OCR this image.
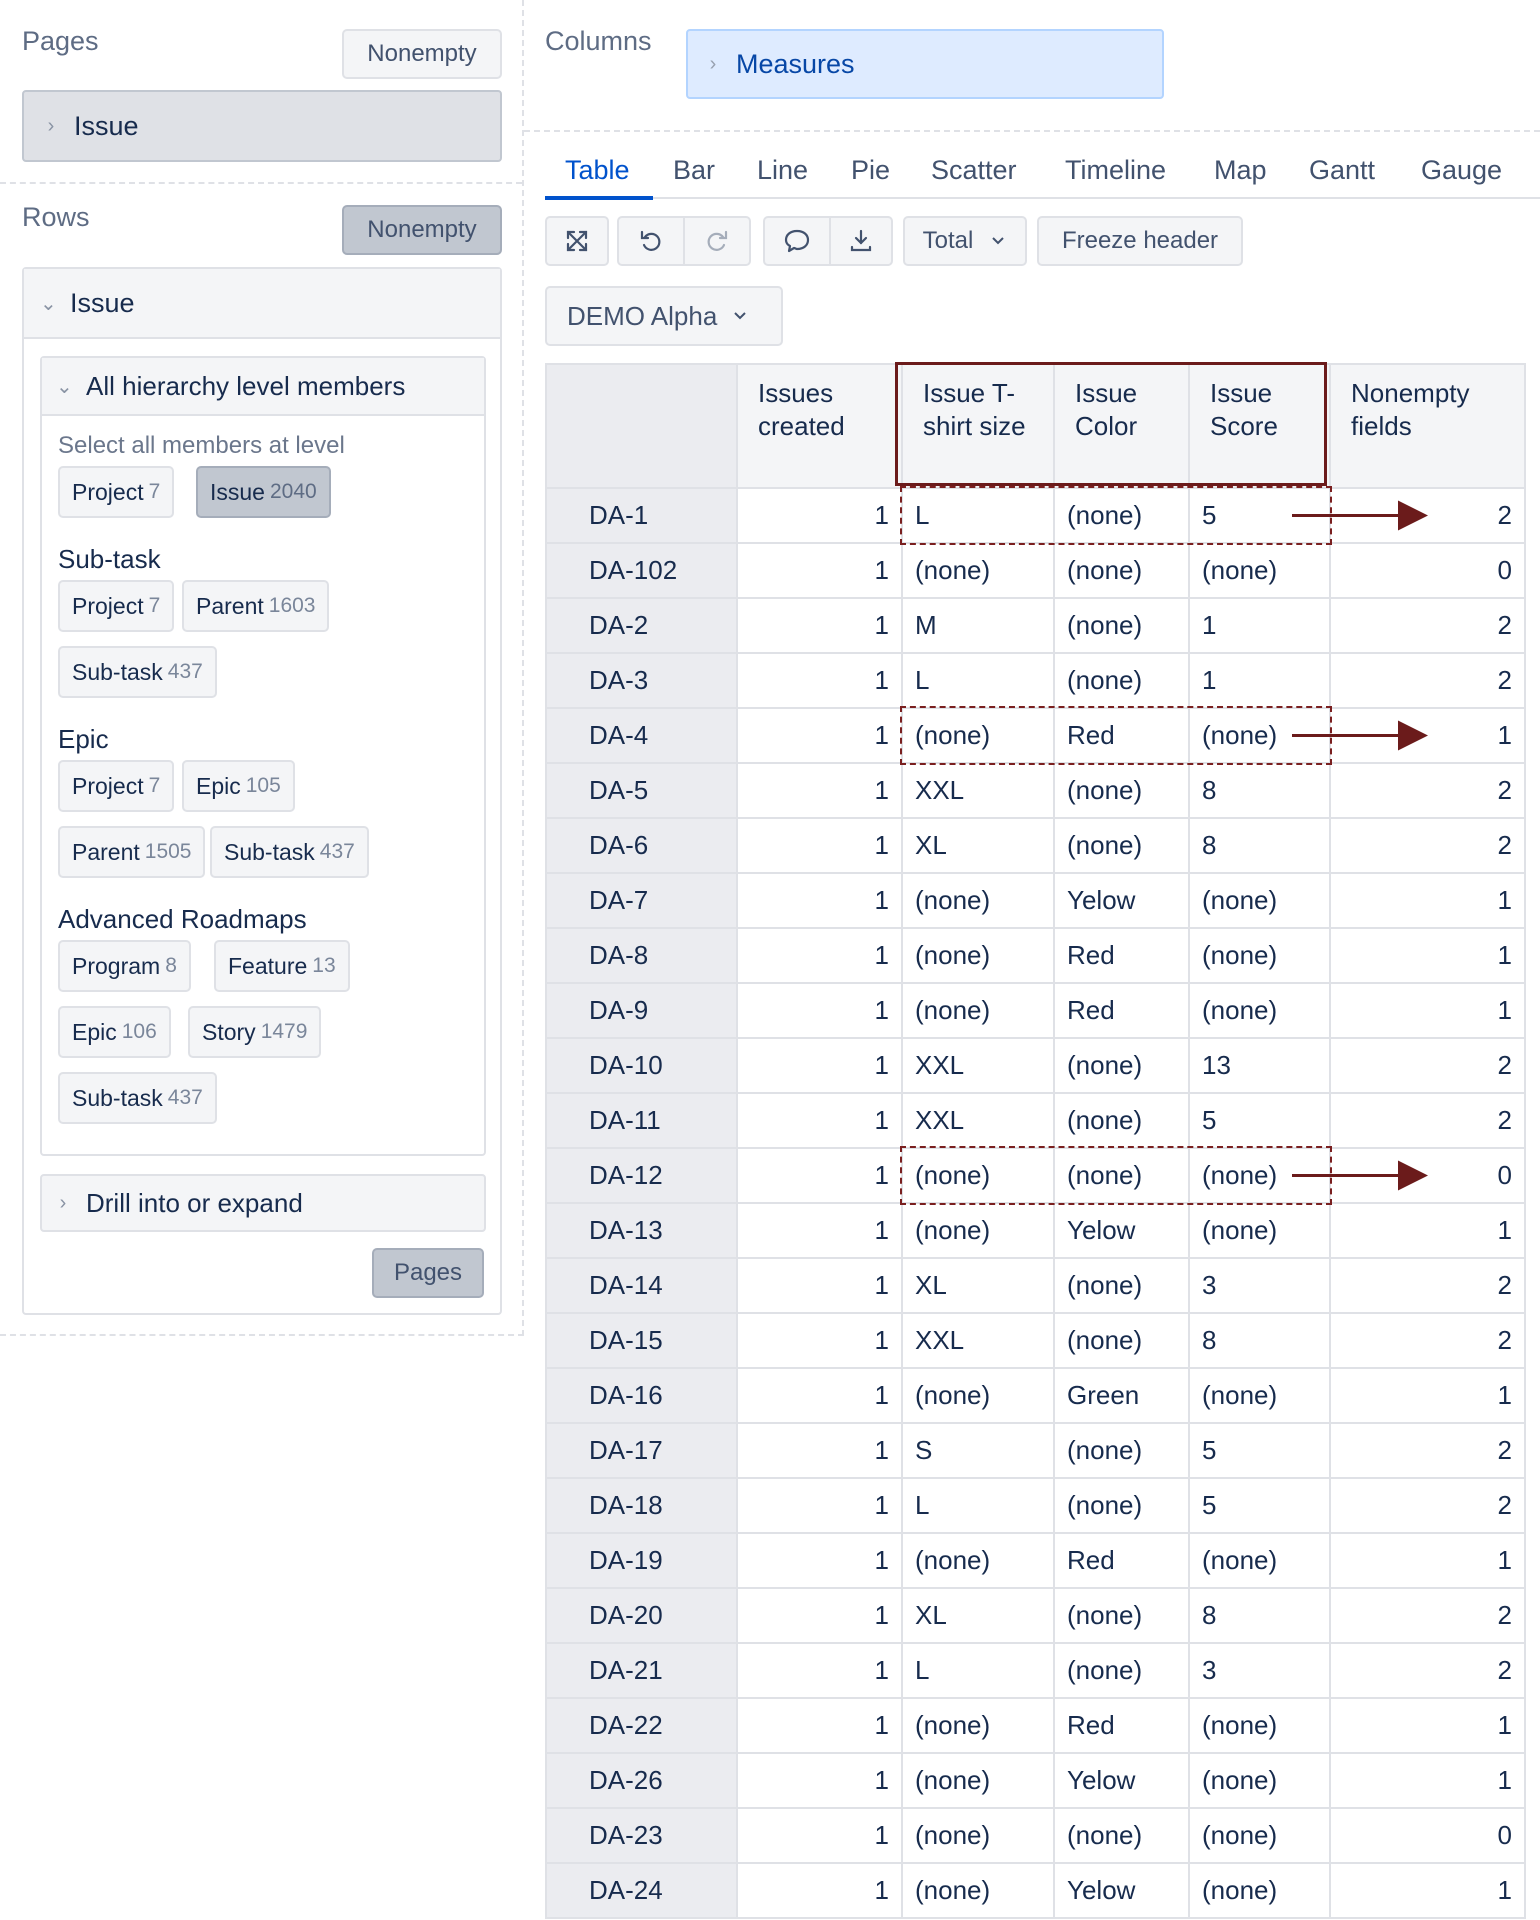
Pages	Nonempty
› Issue
Rows	Nonempty
⌄ Issue
⌄ All hierarchy level members
Select all members at level
Sub-task
Epic
Advanced Roadmaps
Project 7 Issue 2040
Project 7 Parent 1603
Sub-task 437
Project 7 Epic 105
Parent 1505 Sub-task 437
Program 8 Feature 13
Epic 106 Story 1479
Sub-task 437
› Drill into or expand
Pages
Columns
› Measures
Table Bar Line Pie Scatter Timeline Map Gantt Gauge
Total	Freeze header
DEMO Alpha
	Issues created	Issue T-shirt size	Issue Color	Issue Score	Nonempty fields
DA-1	1	L	(none)	5	2
DA-102	1	(none)	(none)	(none)	0
DA-2	1	M	(none)	1	2
DA-3	1	L	(none)	1	2
DA-4	1	(none)	Red	(none)	1
DA-5	1	XXL	(none)	8	2
DA-6	1	XL	(none)	8	2
DA-7	1	(none)	Yelow	(none)	1
DA-8	1	(none)	Red	(none)	1
DA-9	1	(none)	Red	(none)	1
DA-10	1	XXL	(none)	13	2
DA-11	1	XXL	(none)	5	2
DA-12	1	(none)	(none)	(none)	0
DA-13	1	(none)	Yelow	(none)	1
DA-14	1	XL	(none)	3	2
DA-15	1	XXL	(none)	8	2
DA-16	1	(none)	Green	(none)	1
DA-17	1	S	(none)	5	2
DA-18	1	L	(none)	5	2
DA-19	1	(none)	Red	(none)	1
DA-20	1	XL	(none)	8	2
DA-21	1	L	(none)	3	2
DA-22	1	(none)	Red	(none)	1
DA-26	1	(none)	Yelow	(none)	1
DA-23	1	(none)	(none)	(none)	0
DA-24	1	(none)	Yelow	(none)	1
